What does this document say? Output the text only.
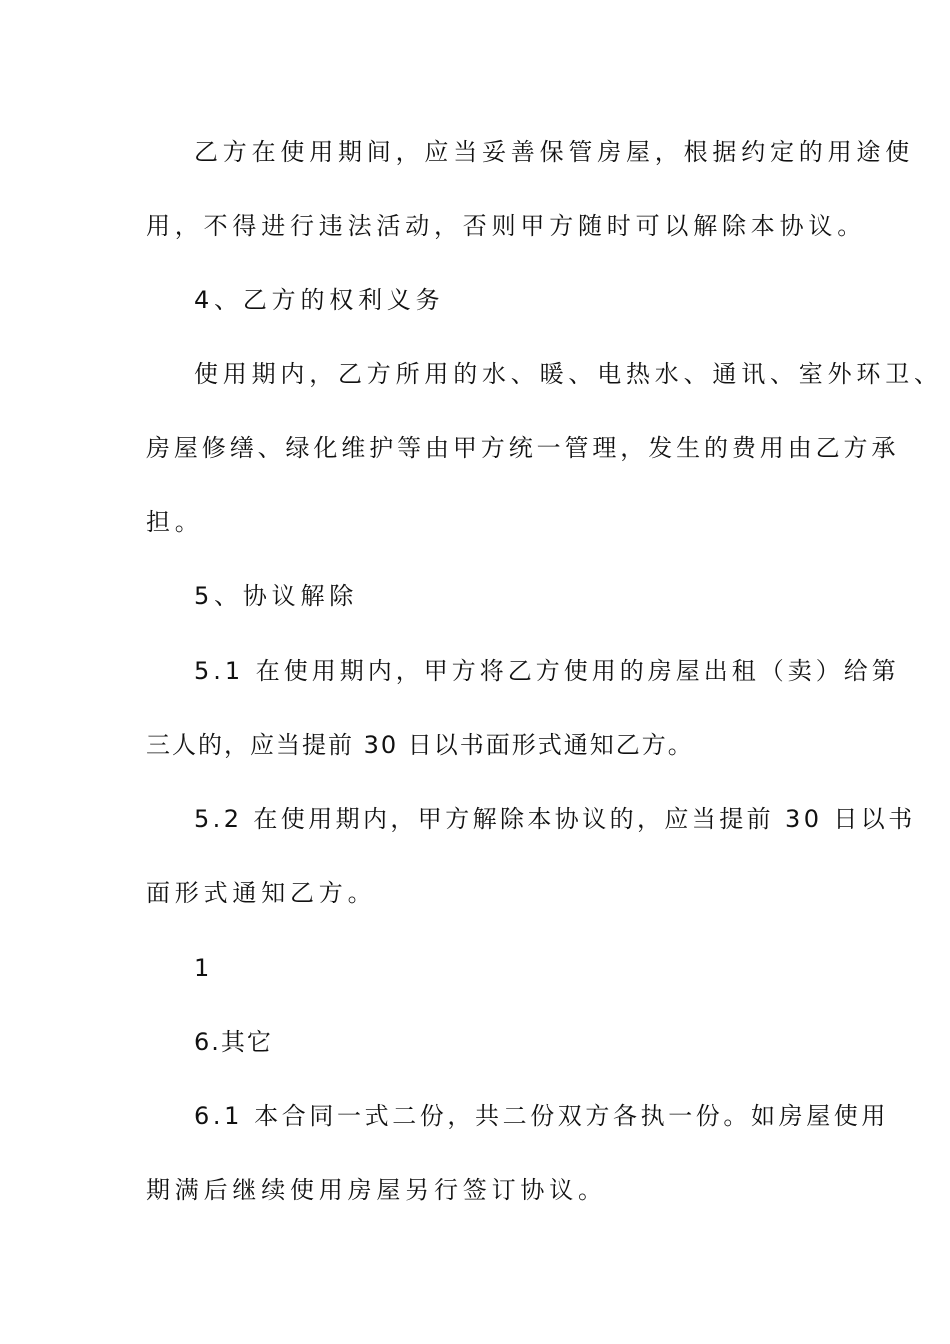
乙方在使用期间，应当妥善保管房屋，根据约定的用途使
用，不得进行违法活动，否则甲方随时可以解除本协议。
4、乙方的权利义务
使用期内，乙方所用的水、暖、电热水、通讯、室外环卫、
房屋修缮、绿化维护等由甲方统一管理，发生的费用由乙方承
担。
5、协议解除
5.1 在使用期内，甲方将乙方使用的房屋出租（卖）给第
三人的，应当提前 30 日以书面形式通知乙方。
5.2 在使用期内，甲方解除本协议的，应当提前 30 日以书
面形式通知乙方。
1
6.其它
6.1 本合同一式二份，共二份双方各执一份。如房屋使用
期满后继续使用房屋另行签订协议。
